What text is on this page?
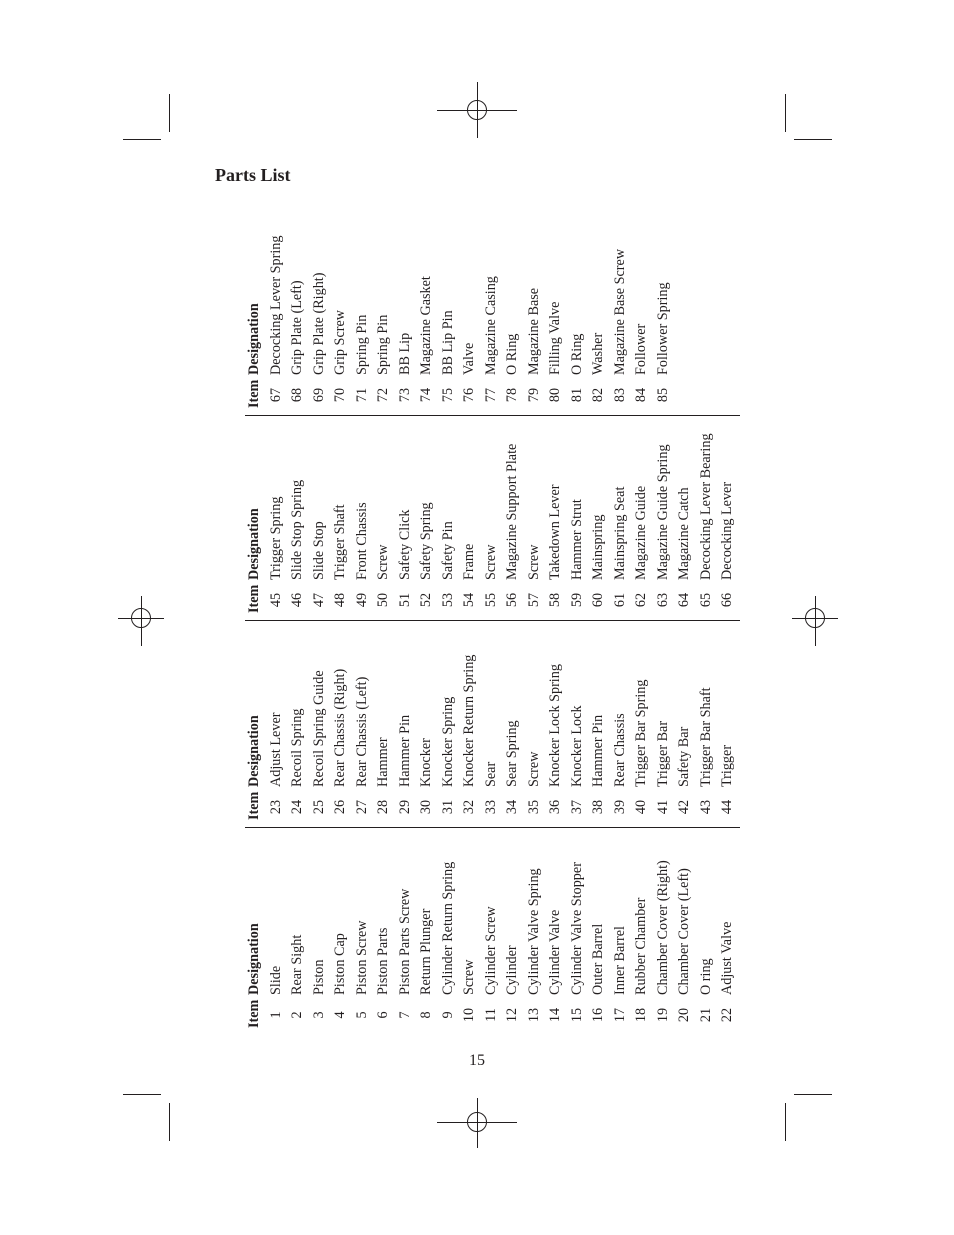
Parts List
Item
Designation
1
Slide
2
Rear Sight
3
Piston
4
Piston Cap
5
Piston Screw
6
Piston Parts
7
Piston Parts Screw
8
Return Plunger
9
Cylinder Return Spring
10
Screw
11
Cylinder Screw
12
Cylinder
13
Cylinder Valve Spring
14
Cylinder Valve
15
Cylinder Valve Stopper
16
Outer Barrel
17
Inner Barrel
18
Rubber Chamber
19
Chamber Cover (Right)
20
Chamber Cover (Left)
21
O ring
22
Adjust Valve
Item
Designation
23
Adjust Lever
24
Recoil Spring
25
Recoil Spring Guide
26
Rear Chassis (Right)
27
Rear Chassis (Left)
28
Hammer
29
Hammer Pin
30
Knocker
31
Knocker Spring
32
Knocker Return Spring
33
Sear
34
Sear Spring
35
Screw
36
Knocker Lock Spring
37
Knocker Lock
38
Hammer Pin
39
Rear Chassis
40
Trigger Bar Spring
41
Trigger Bar
42
Safety Bar
43
Trigger Bar Shaft
44
Trigger
Item
Designation
45
Trigger Spring
46
Slide Stop Spring
47
Slide Stop
48
Trigger Shaft
49
Front Chassis
50
Screw
51
Safety Click
52
Safety Spring
53
Safety Pin
54
Frame
55
Screw
56
Magazine Support Plate
57
Screw
58
Takedown Lever
59
Hammer Strut
60
Mainspring
61
Mainspring Seat
62
Magazine Guide
63
Magazine Guide Spring
64
Magazine Catch
65
Decocking Lever Bearing
66
Decocking Lever
Item
Designation
67
Decocking Lever Spring
68
Grip Plate (Left)
69
Grip Plate (Right)
70
Grip Screw
71
Spring Pin
72
Spring Pin
73
BB Lip
74
Magazine Gasket
75
BB Lip Pin
76
Valve
77
Magazine Casing
78
O Ring
79
Magazine Base
80
Filling Valve
81
O Ring
82
Washer
83
Magazine Base Screw
84
Follower
85
Follower Spring
15
